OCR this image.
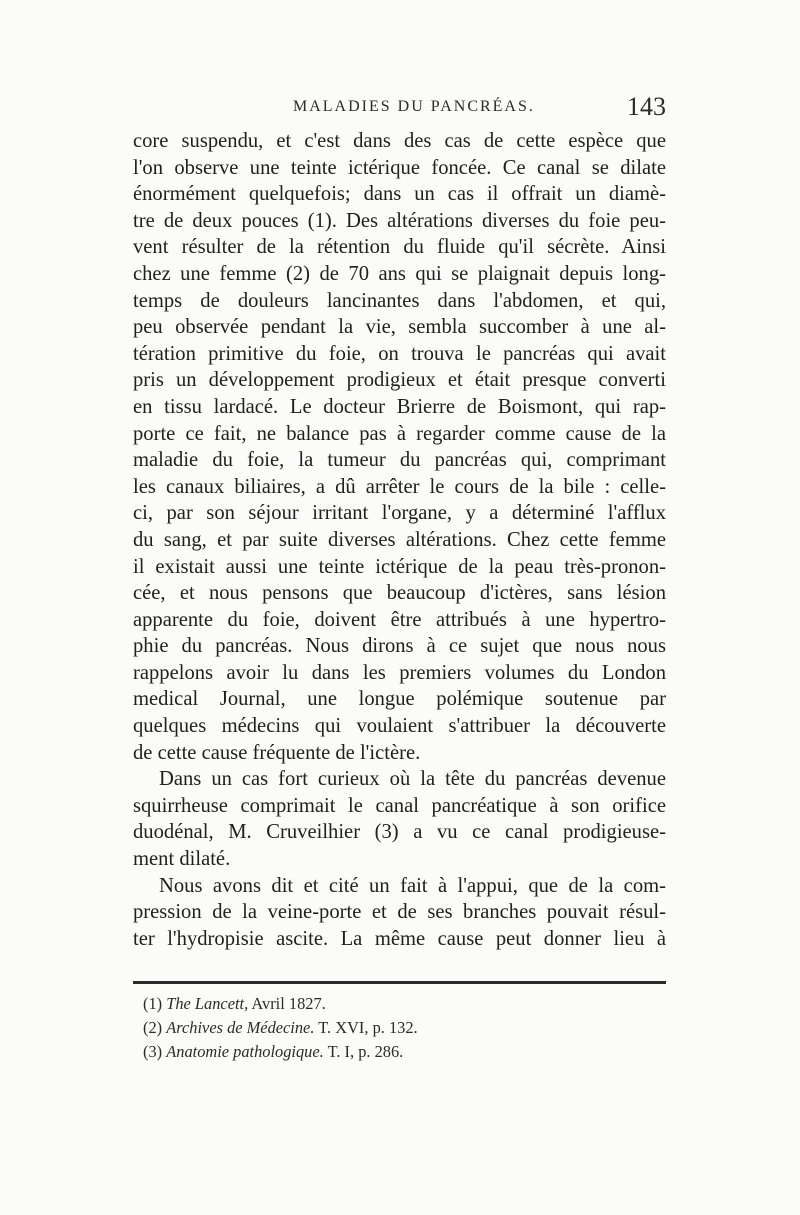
MALADIES DU PANCRÉAS.	143

core suspendu, et c'est dans des cas de cette espèce que
l'on observe une teinte ictérique foncée. Ce canal se dilate
énormément quelquefois; dans un cas il offrait un diamè-
tre de deux pouces (1). Des altérations diverses du foie peu-
vent résulter de la rétention du fluide qu'il sécrète. Ainsi
chez une femme (2) de 70 ans qui se plaignait depuis long-
temps de douleurs lancinantes dans l'abdomen, et qui,
peu observée pendant la vie, sembla succomber à une al-
tération primitive du foie, on trouva le pancréas qui avait
pris un développement prodigieux et était presque converti
en tissu lardacé. Le docteur Brierre de Boismont, qui rap-
porte ce fait, ne balance pas à regarder comme cause de la
maladie du foie, la tumeur du pancréas qui, comprimant
les canaux biliaires, a dû arrêter le cours de la bile : celle-
ci, par son séjour irritant l'organe, y a déterminé l'afflux
du sang, et par suite diverses altérations. Chez cette femme
il existait aussi une teinte ictérique de la peau très-pronon-
cée, et nous pensons que beaucoup d'ictères, sans lésion
apparente du foie, doivent être attribués à une hypertro-
phie du pancréas. Nous dirons à ce sujet que nous nous
rappelons avoir lu dans les premiers volumes du London
medical Journal, une longue polémique soutenue par
quelques médecins qui voulaient s'attribuer la découverte
de cette cause fréquente de l'ictère.

Dans un cas fort curieux où la tête du pancréas devenue
squirrheuse comprimait le canal pancréatique à son orifice
duodénal, M. Cruveilhier (3) a vu ce canal prodigieuse-
ment dilaté.

Nous avons dit et cité un fait à l'appui, que de la com-
pression de la veine-porte et de ses branches pouvait résul-
ter l'hydropisie ascite. La même cause peut donner lieu à

(1) The Lancett, Avril 1827.
(2) Archives de Médecine. T. XVI, p. 132.
(3) Anatomie pathologique. T. I, p. 286.
